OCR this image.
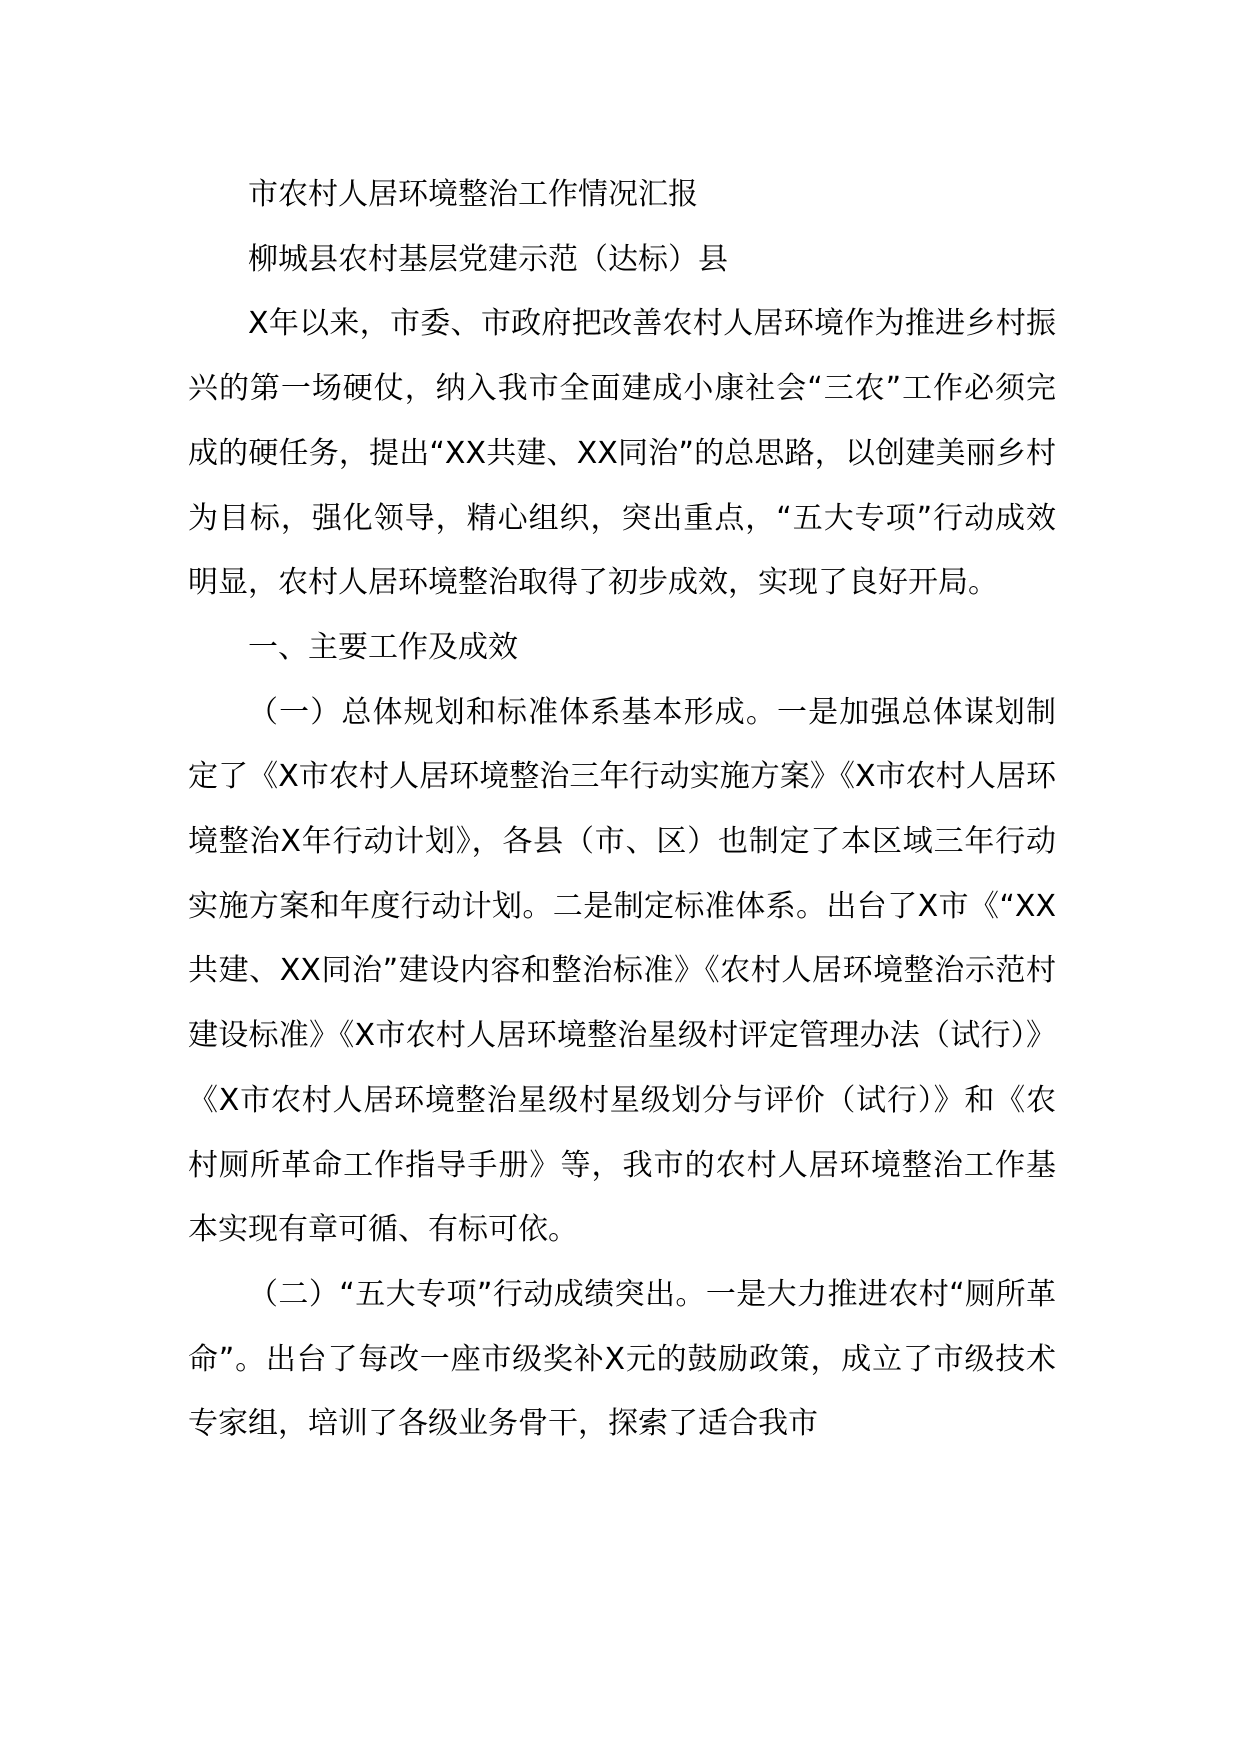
市农村人居环境整治工作情况汇报

柳城县农村基层党建示范（达标）县

X年以来，市委、市政府把改善农村人居环境作为推进乡村振兴的第一场硬仗，纳入我市全面建成小康社会“三农”工作必须完成的硬任务，提出“XX共建、XX同治”的总思路，以创建美丽乡村为目标，强化领导，精心组织，突出重点，“五大专项”行动成效明显，农村人居环境整治取得了初步成效，实现了良好开局。

一、主要工作及成效

（一）总体规划和标准体系基本形成。一是加强总体谋划制定了《X市农村人居环境整治三年行动实施方案》《X市农村人居环境整治X年行动计划》，各县（市、区）也制定了本区域三年行动实施方案和年度行动计划。二是制定标准体系。出台了X市《“XX共建、XX同治”建设内容和整治标准》《农村人居环境整治示范村建设标准》《X市农村人居环境整治星级村评定管理办法（试行）》《X市农村人居环境整治星级村星级划分与评价（试行）》和《农村厕所革命工作指导手册》等，我市的农村人居环境整治工作基本实现有章可循、有标可依。

（二）“五大专项”行动成绩突出。一是大力推进农村“厕所革命”。出台了每改一座市级奖补X元的鼓励政策，成立了市级技术专家组，培训了各级业务骨干，探索了适合我市
